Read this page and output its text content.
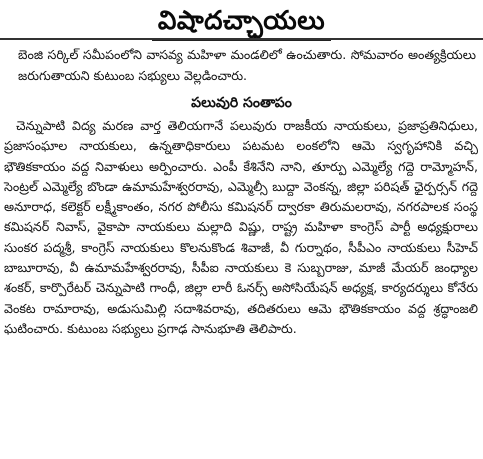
విషాదచ్ఛాయలు

బెంజి సర్కిల్ సమీపంలోని వాసవ్య మహిళా మండలిలో ఉంచుతారు. సోమవారం అంత్యక్రియలు జరుగుతాయని కుటుంబ సభ్యులు వెల్లడించారు.

పలువురి సంతాపం

చెన్నుపాటి విద్య మరణ వార్త తెలియగానే పలువురు రాజకీయ నాయకులు, ప్రజాప్రతినిధులు, ప్రజాసంఘాల నాయకులు, ఉన్నతాధికారులు పటమట లంకలోని ఆమె స్వగృహానికి వచ్చి భౌతికకాయం వద్ద నివాళులు అర్పించారు. ఎంపీ కేశినేని నాని, తూర్పు ఎమ్మెల్యే గద్దె రామ్మోహన్, సెంట్రల్ ఎమ్మెల్యే బొండా ఉమామహేశ్వరరావు, ఎమ్మెల్సీ బుద్దా వెంకన్న, జిల్లా పరిషత్ ఛైర్పర్సన్ గద్దె అనూరాధ, కలెక్టర్ లక్ష్మీకాంతం, నగర పోలీసు కమిషనర్ ద్వారకా తిరుమలరావు, నగరపాలక సంస్థ కమిషనర్ నివాస్, వైకాపా నాయకులు మల్లాది విష్ణు, రాష్ట్ర మహిళా కాంగ్రెస్ పార్టీ అధ్యక్షురాలు సుంకర పద్మశ్రీ, కాంగ్రెస్ నాయకులు కొలనుకొండ శివాజీ, వీ గుర్నాథం, సీపీఎం నాయకులు సీహెచ్ బాబూరావు, వీ ఉమామహేశ్వరరావు, సీపీఐ నాయకులు కె సుబ్బరాజు, మాజీ మేయర్ జంధ్యాల శంకర్, కార్పొరేటర్ చెన్నుపాటి గాంధీ, జిల్లా లారీ ఓనర్స్ అసోసియేషన్ అధ్యక్ష, కార్యదర్శులు కోనేరు వెంకట రామారావు, అడుసుమిల్లి సదాశివరావు, తదితరులు ఆమె భౌతికకాయం వద్ద శ్రద్ధాంజలి ఘటించారు. కుటుంబ సభ్యులు ప్రగాఢ సానుభూతి తెలిపారు.
